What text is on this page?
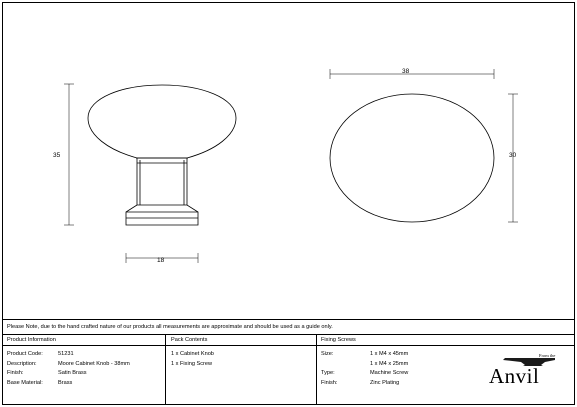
35
18
38
30
Please Note, due to the hand crafted nature of our products all measurements are approximate and should be used as a guide only.
Product Information
Product Code:	51231
Description:	Moore Cabinet Knob - 38mm
Finish:	Satin Brass
Base Material:	Brass
Pack Contents
1 x Cabinet Knob
1 x Fixing Screw
Fixing Screws
Size:	1 x M4 x 45mm
1 x M4 x 25mm
Type:	Machine Screw
Finish:	Zinc Plating
From the
Anvil
